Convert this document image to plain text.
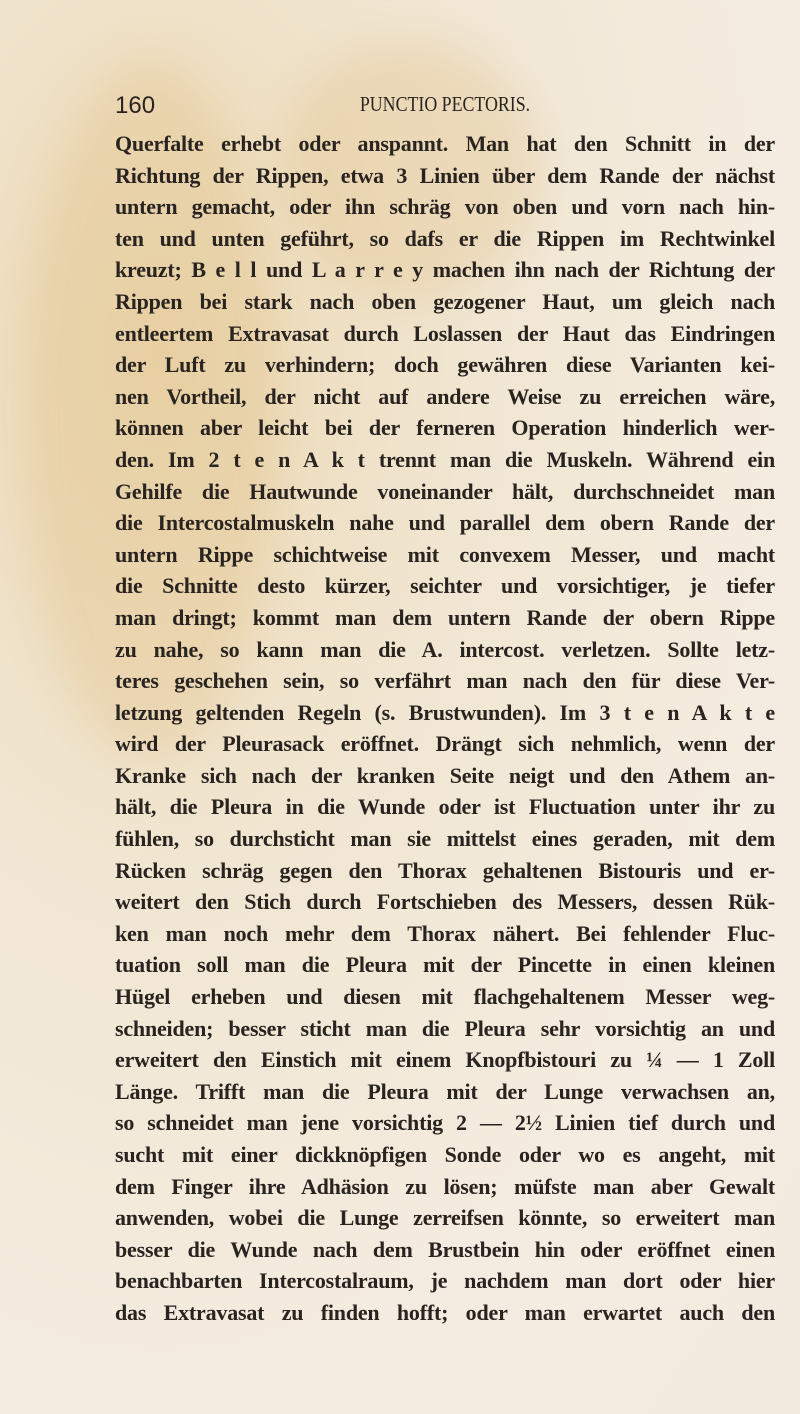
160	PUNCTIO PECTORIS.
Querfalte erhebt oder anspannt. Man hat den Schnitt in der
Richtung der Rippen, etwa 3 Linien über dem Rande der nächst
untern gemacht, oder ihn schräg von oben und vorn nach hin-
ten und unten geführt, so dafs er die Rippen im Rechtwinkel
kreuzt; B e l l und L a r r e y machen ihn nach der Richtung der
Rippen bei stark nach oben gezogener Haut, um gleich nach
entleertem Extravasat durch Loslassen der Haut das Eindringen
der Luft zu verhindern; doch gewähren diese Varianten kei-
nen Vortheil, der nicht auf andere Weise zu erreichen wäre,
können aber leicht bei der ferneren Operation hinderlich wer-
den. Im 2 t e n A k t trennt man die Muskeln. Während ein
Gehilfe die Hautwunde voneinander hält, durchschneidet man
die Intercostalmuskeln nahe und parallel dem obern Rande der
untern Rippe schichtweise mit convexem Messer, und macht
die Schnitte desto kürzer, seichter und vorsichtiger, je tiefer
man dringt; kommt man dem untern Rande der obern Rippe
zu nahe, so kann man die A. intercost. verletzen. Sollte letz-
teres geschehen sein, so verfährt man nach den für diese Ver-
letzung geltenden Regeln (s. Brustwunden). Im 3 t e n A k t e
wird der Pleurasack eröffnet. Drängt sich nehmlich, wenn der
Kranke sich nach der kranken Seite neigt und den Athem an-
hält, die Pleura in die Wunde oder ist Fluctuation unter ihr zu
fühlen, so durchsticht man sie mittelst eines geraden, mit dem
Rücken schräg gegen den Thorax gehaltenen Bistouris und er-
weitert den Stich durch Fortschieben des Messers, dessen Rük-
ken man noch mehr dem Thorax nähert. Bei fehlender Fluc-
tuation soll man die Pleura mit der Pincette in einen kleinen
Hügel erheben und diesen mit flachgehaltenem Messer weg-
schneiden; besser sticht man die Pleura sehr vorsichtig an und
erweitert den Einstich mit einem Knopfbistouri zu ¼ — 1 Zoll
Länge. Trifft man die Pleura mit der Lunge verwachsen an,
so schneidet man jene vorsichtig 2 — 2½ Linien tief durch und
sucht mit einer dickknöpfigen Sonde oder wo es angeht, mit
dem Finger ihre Adhäsion zu lösen; müfste man aber Gewalt
anwenden, wobei die Lunge zerreifsen könnte, so erweitert man
besser die Wunde nach dem Brustbein hin oder eröffnet einen
benachbarten Intercostalraum, je nachdem man dort oder hier
das Extravasat zu finden hofft; oder man erwartet auch den
